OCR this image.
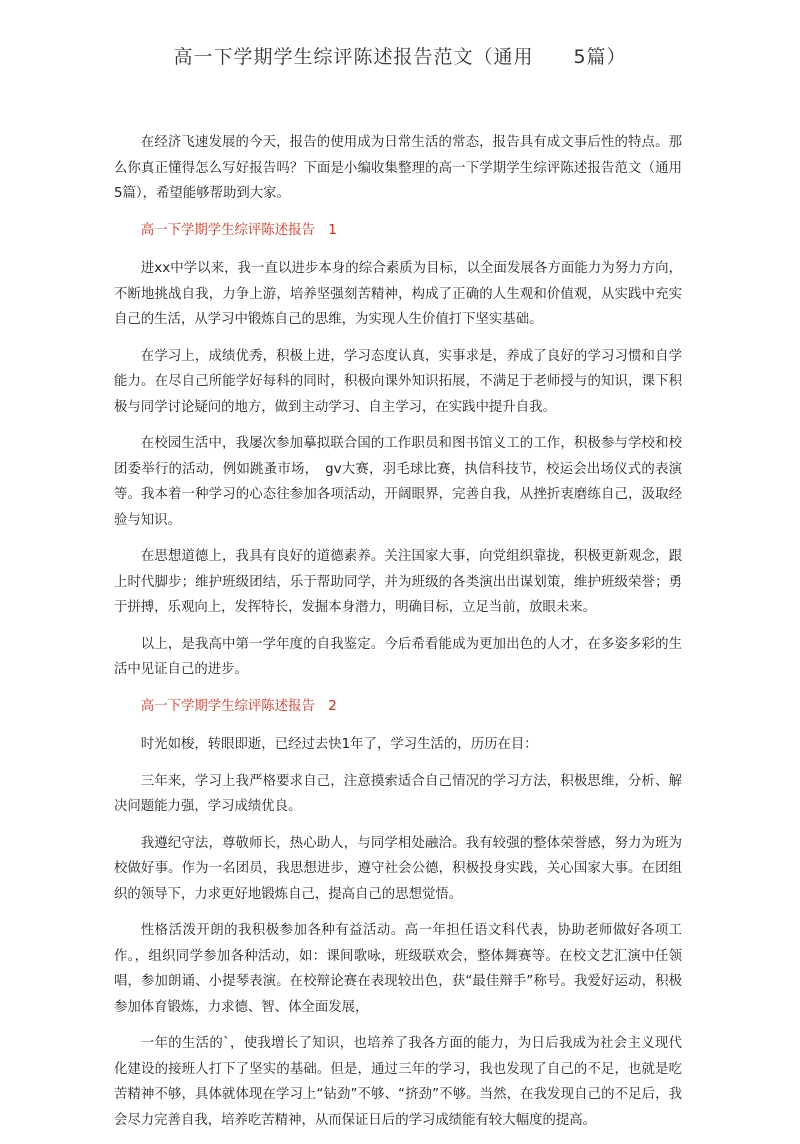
高一下学期学生综评陈述报告范文（通用　　5篇）

在经济飞速发展的今天，报告的使用成为日常生活的常态，报告具有成文事后性的特点。那么你真正懂得怎么写好报告吗？下面是小编收集整理的高一下学期学生综评陈述报告范文（通用5篇），希望能够帮助到大家。

高一下学期学生综评陈述报告　1

进xx中学以来，我一直以进步本身的综合素质为目标，以全面发展各方面能力为努力方向，不断地挑战自我，力争上游，培养坚强刻苦精神，构成了正确的人生观和价值观，从实践中充实自己的生活，从学习中锻炼自己的思维，为实现人生价值打下坚实基础。

在学习上，成绩优秀，积极上进，学习态度认真，实事求是，养成了良好的学习习惯和自学能力。在尽自己所能学好每科的同时，积极向课外知识拓展，不满足于老师授与的知识，课下积极与同学讨论疑问的地方，做到主动学习、自主学习，在实践中提升自我。

在校园生活中，我屡次参加摹拟联合国的工作职员和图书馆义工的工作，积极参与学校和校团委举行的活动，例如跳蚤市场，　gv大赛，羽毛球比赛，执信科技节，校运会出场仪式的表演等。我本着一种学习的心态往参加各项活动，开阔眼界，完善自我，从挫折衷磨练自己，汲取经验与知识。

在思想道德上，我具有良好的道德素养。关注国家大事，向党组织靠拢，积极更新观念，跟上时代脚步；维护班级团结，乐于帮助同学，并为班级的各类演出出谋划策，维护班级荣誉；勇于拼搏，乐观向上，发挥特长，发掘本身潜力，明确目标，立足当前，放眼未来。

以上，是我高中第一学年度的自我鉴定。今后希看能成为更加出色的人才，在多姿多彩的生活中见证自己的进步。

高一下学期学生综评陈述报告　2

时光如梭，转眼即逝，已经过去快1年了，学习生活的，历历在目：

三年来，学习上我严格要求自己，注意摸索适合自己情况的学习方法，积极思维，分析、解决问题能力强，学习成绩优良。

我遵纪守法，尊敬师长，热心助人，与同学相处融洽。我有较强的整体荣誉感，努力为班为校做好事。作为一名团员，我思想进步，遵守社会公德，积极投身实践，关心国家大事。在团组织的领导下，力求更好地锻炼自己，提高自己的思想觉悟。

性格活泼开朗的我积极参加各种有益活动。高一年担任语文科代表，协助老师做好各项工作。，组织同学参加各种活动，如：课间歌咏，班级联欢会，整体舞赛等。在校文艺汇演中任领唱，参加朗诵、小提琴表演。在校辩论赛在表现较出色，获“最佳辩手”称号。我爱好运动，积极参加体育锻炼，力求德、智、体全面发展，

一年的生活的`，使我增长了知识，也培养了我各方面的能力，为日后我成为社会主义现代化建设的接班人打下了坚实的基础。但是，通过三年的学习，我也发现了自己的不足，也就是吃苦精神不够，具体就体现在学习上“钻劲”不够、“挤劲”不够。当然，在我发现自己的不足后，我会尽力完善自我，培养吃苦精神，从而保证日后的学习成绩能有较大幅度的提高。
